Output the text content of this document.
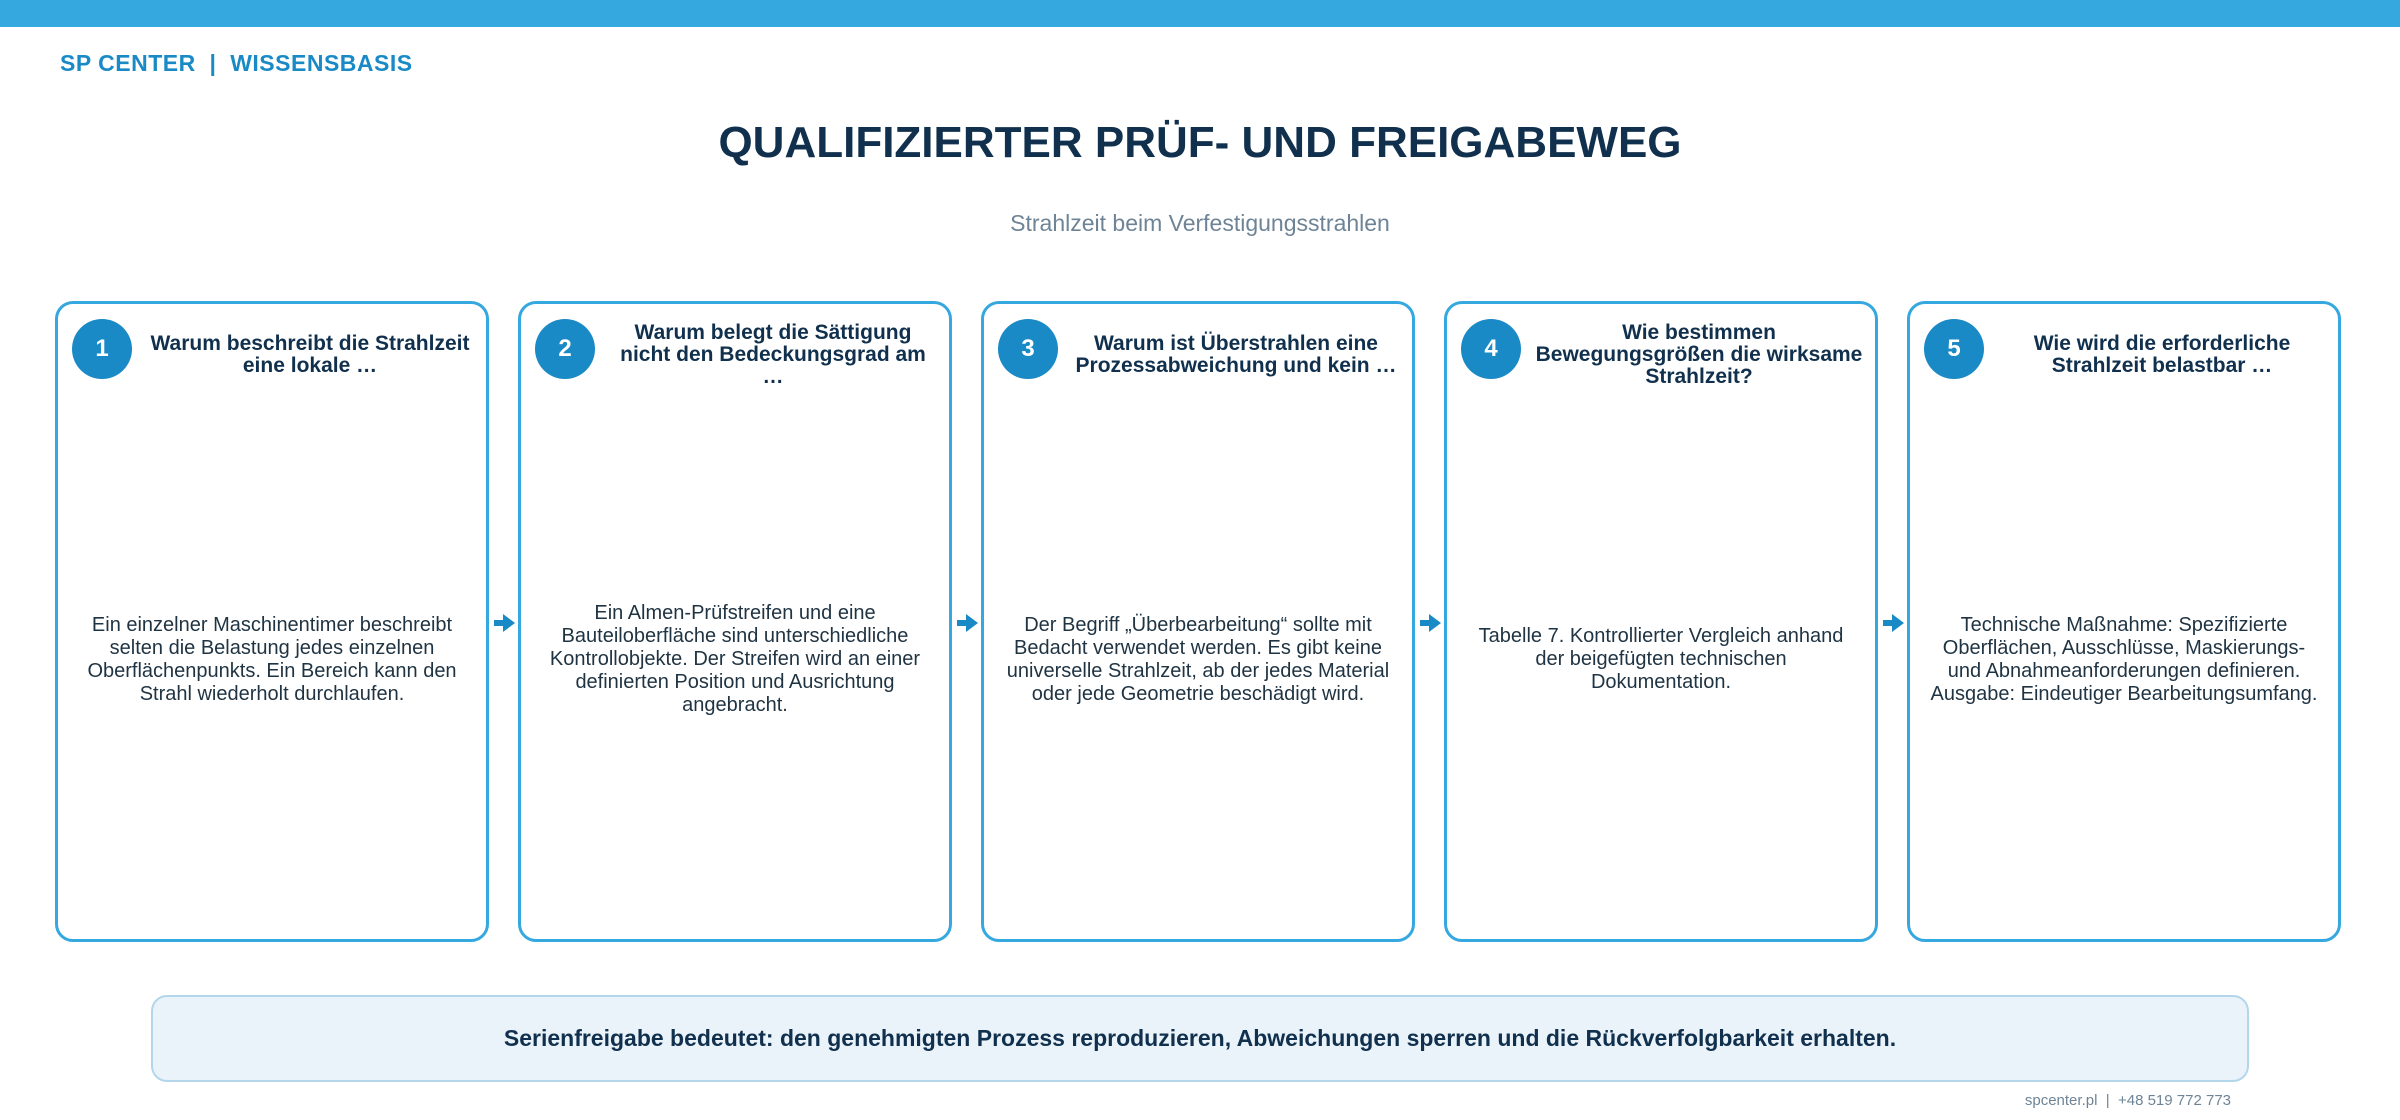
SP CENTER  |  WISSENSBASIS
QUALIFIZIERTER PRÜF- UND FREIGABEWEG
Strahlzeit beim Verfestigungsstrahlen
1	Warum beschreibt die Strahlzeit eine lokale …
Ein einzelner Maschinentimer beschreibt selten die Belastung jedes einzelnen Oberflächenpunkts. Ein Bereich kann den Strahl wiederholt durchlaufen.
2
Warum belegt die Sättigung nicht den Bedeckungsgrad am …
Ein Almen-Prüfstreifen und eine Bauteiloberfläche sind unterschiedliche Kontrollobjekte. Der Streifen wird an einer definierten Position und Ausrichtung angebracht.
3	Warum ist Überstrahlen eine Prozessabweichung und kein …
Der Begriff „Überbearbeitung“ sollte mit Bedacht verwendet werden. Es gibt keine universelle Strahlzeit, ab der jedes Material oder jede Geometrie beschädigt wird.
4
Wie bestimmen Bewegungsgrößen die wirksame Strahlzeit?
Tabelle 7. Kontrollierter Vergleich anhand der beigefügten technischen Dokumentation.
5	Wie wird die erforderliche Strahlzeit belastbar …
Technische Maßnahme: Spezifizierte Oberflächen, Ausschlüsse, Maskierungs- und Abnahmeanforderungen definieren. Ausgabe: Eindeutiger Bearbeitungsumfang.
Serienfreigabe bedeutet: den genehmigten Prozess reproduzieren, Abweichungen sperren und die Rückverfolgbarkeit erhalten.
spcenter.pl  |  +48 519 772 773
